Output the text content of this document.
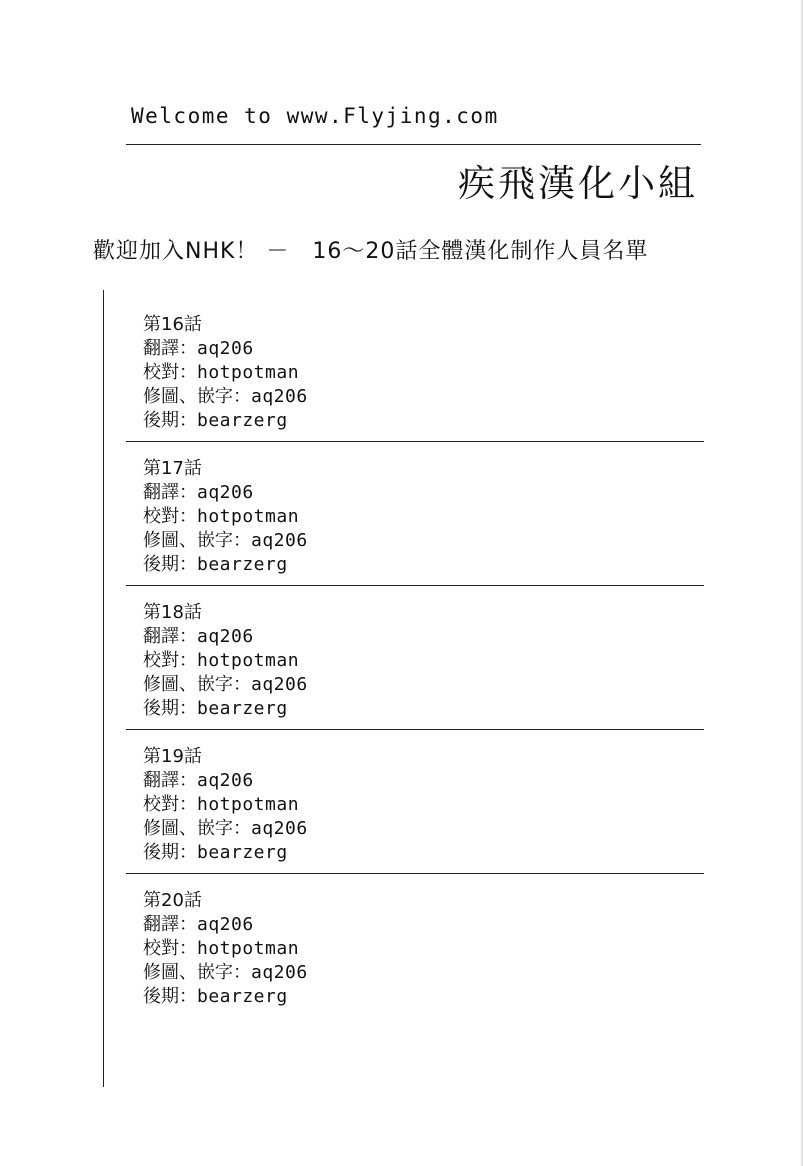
Welcome to www.Flyjing.com
疾飛漢化小組
歡迎加入NHK！ －　16～20話全體漢化制作人員名單
第16話
翻譯：aq206
校對：hotpotman
修圖、嵌字：aq206
後期：bearzerg
第17話
翻譯：aq206
校對：hotpotman
修圖、嵌字：aq206
後期：bearzerg
第18話
翻譯：aq206
校對：hotpotman
修圖、嵌字：aq206
後期：bearzerg
第19話
翻譯：aq206
校對：hotpotman
修圖、嵌字：aq206
後期：bearzerg
第20話
翻譯：aq206
校對：hotpotman
修圖、嵌字：aq206
後期：bearzerg
